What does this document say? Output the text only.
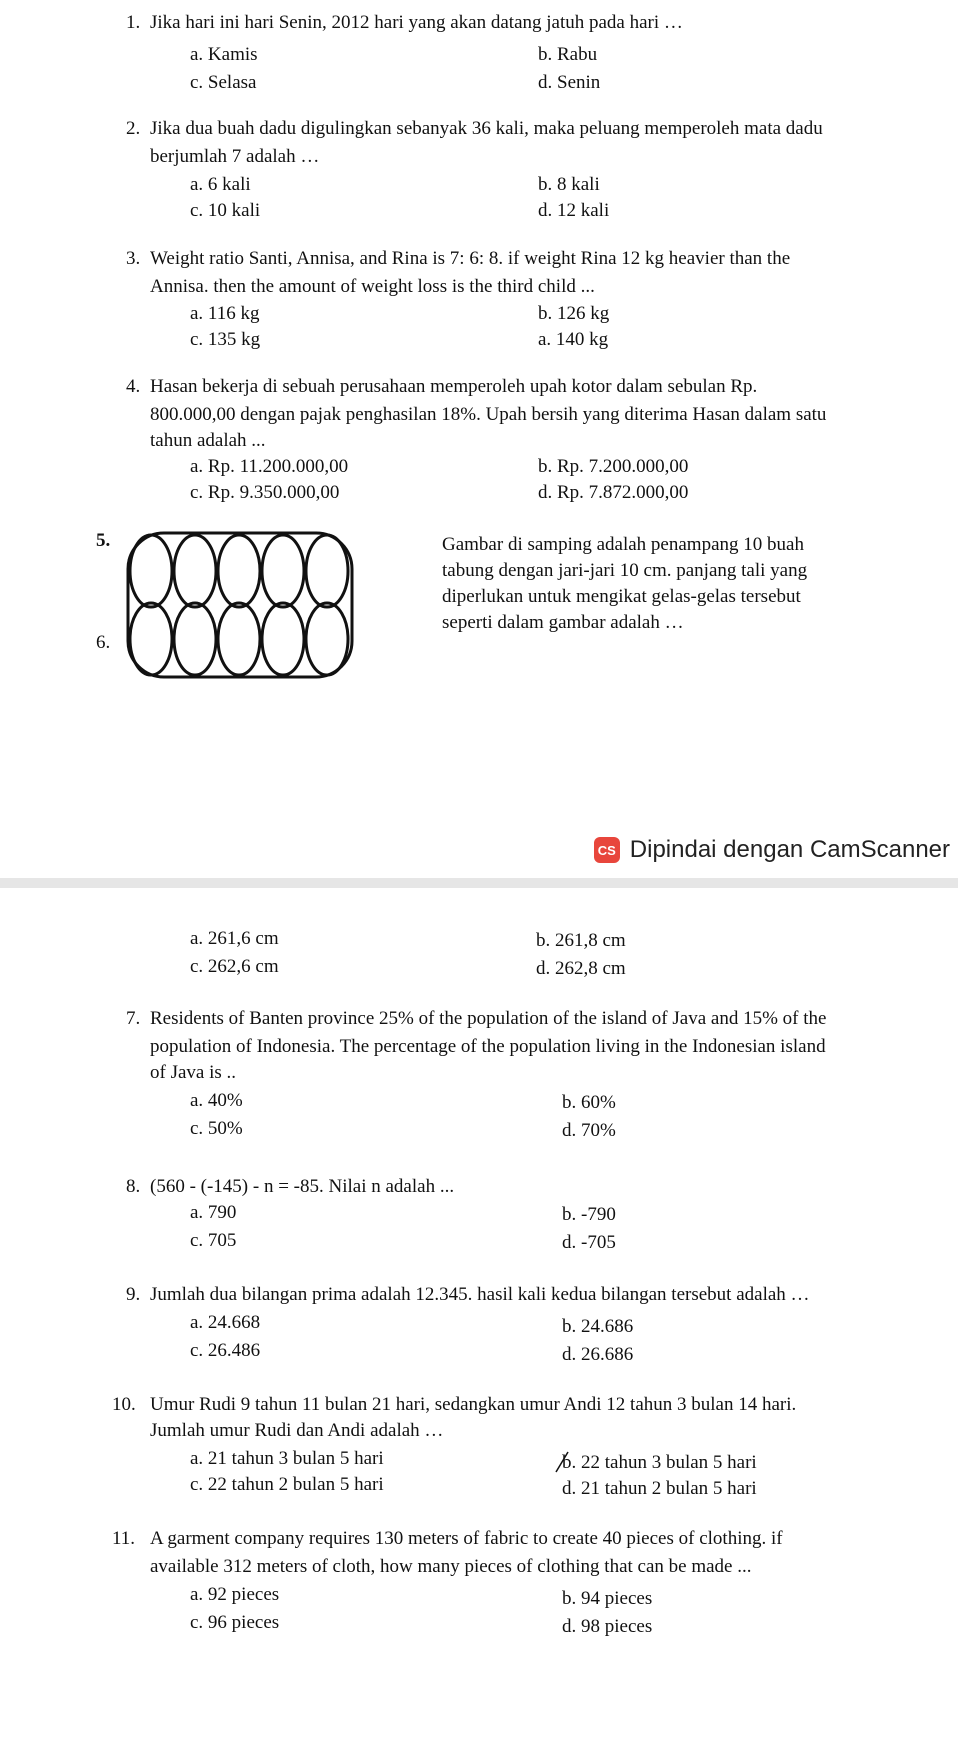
1. Jika hari ini hari Senin, 2012 hari yang akan datang jatuh pada hari …
a. Kamis	b. Rabu
c. Selasa	d. Senin
2. Jika dua buah dadu digulingkan sebanyak 36 kali, maka peluang memperoleh mata dadu
berjumlah 7 adalah …
a. 6 kali	b. 8 kali
c. 10 kali	d. 12 kali
3. Weight ratio Santi, Annisa, and Rina is 7: 6: 8. if weight Rina 12 kg heavier than the
Annisa. then the amount of weight loss is the third child ...
a. 116 kg	b. 126 kg
c. 135 kg	a. 140 kg
4. Hasan bekerja di sebuah perusahaan memperoleh upah kotor dalam sebulan Rp.
800.000,00 dengan pajak penghasilan 18%. Upah bersih yang diterima Hasan dalam satu
tahun adalah ...
a. Rp. 11.200.000,00	b. Rp. 7.200.000,00
c. Rp. 9.350.000,00	d. Rp. 7.872.000,00
5.
6.
Gambar di samping adalah penampang 10 buah
tabung dengan jari-jari 10 cm. panjang tali yang
diperlukan untuk mengikat gelas-gelas tersebut
seperti dalam gambar adalah …
CS Dipindai dengan CamScanner
a. 261,6 cm	b. 261,8 cm
c. 262,6 cm	d. 262,8 cm
7. Residents of Banten province 25% of the population of the island of Java and 15% of the
population of Indonesia. The percentage of the population living in the Indonesian island
of Java is ..
a. 40%	b. 60%
c. 50%	d. 70%
8. (560 - (-145) - n = -85. Nilai n adalah ...
a. 790	b. -790
c. 705	d. -705
9. Jumlah dua bilangan prima adalah 12.345. hasil kali kedua bilangan tersebut adalah …
a. 24.668	b. 24.686
c. 26.486	d. 26.686
10. Umur Rudi 9 tahun 11 bulan 21 hari, sedangkan umur Andi 12 tahun 3 bulan 14 hari.
Jumlah umur Rudi dan Andi adalah …
a. 21 tahun 3 bulan 5 hari	b. 22 tahun 3 bulan 5 hari
c. 22 tahun 2 bulan 5 hari	d. 21 tahun 2 bulan 5 hari
11. A garment company requires 130 meters of fabric to create 40 pieces of clothing. if
available 312 meters of cloth, how many pieces of clothing that can be made ...
a. 92 pieces	b. 94 pieces
c. 96 pieces	d. 98 pieces
